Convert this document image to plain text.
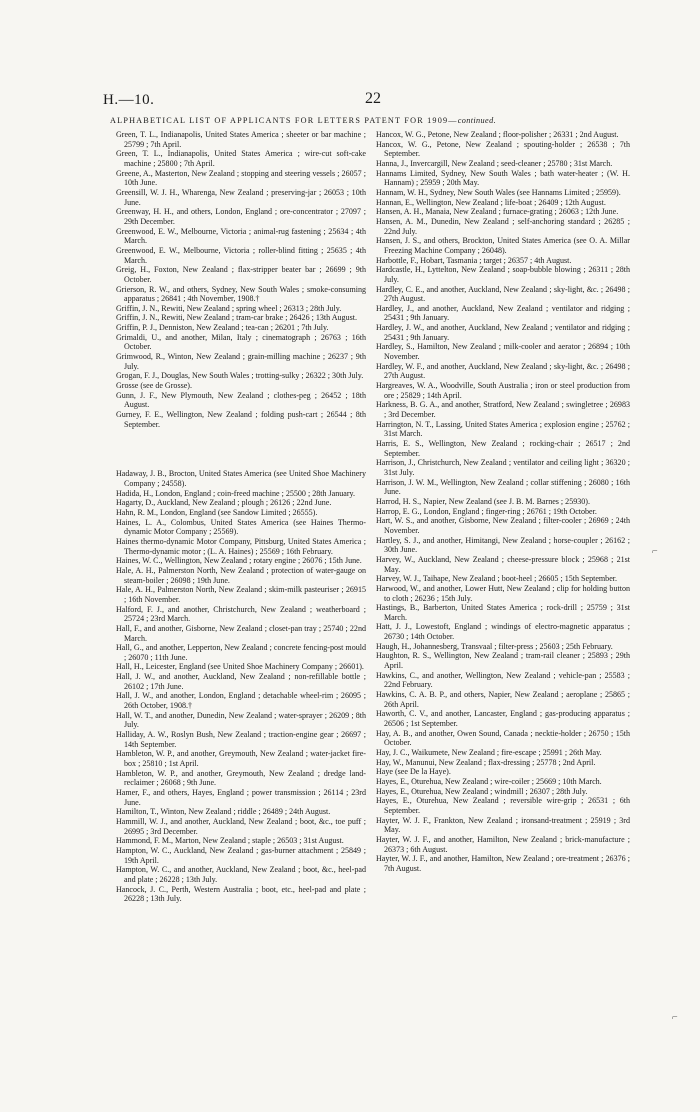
H.—10.	22
ALPHABETICAL LIST OF APPLICANTS FOR LETTERS PATENT FOR 1909—continued.

Green, T. L., Indianapolis, United States America ; sheeter or bar machine ; 25799 ; 7th April.

Green, T. L., Indianapolis, United States America ; wire-cut soft-cake machine ; 25800 ; 7th April.

Greene, A., Masterton, New Zealand ; stopping and steering vessels ; 26057 ; 10th June.

Greensill, W. J. H., Wharenga, New Zealand ; preserving-jar ; 26053 ; 10th June.

Greenway, H. H., and others, London, England ; ore-concentrator ; 27097 ; 29th December.

Greenwood, E. W., Melbourne, Victoria ; animal-rug fastening ; 25634 ; 4th March.

Greenwood, E. W., Melbourne, Victoria ; roller-blind fitting ; 25635 ; 4th March.

Greig, H., Foxton, New Zealand ; flax-stripper beater bar ; 26699 ; 9th October.

Grierson, R. W., and others, Sydney, New South Wales ; smoke-consuming apparatus ; 26841 ; 4th November, 1908.†

Griffin, J. N., Rewiti, New Zealand ; spring wheel ; 26313 ; 28th July.

Griffin, J. N., Rewiti, New Zealand ; tram-car brake ; 26426 ; 13th August.

Griffin, P. J., Denniston, New Zealand ; tea-can ; 26201 ; 7th July.

Grimaldi, U., and another, Milan, Italy ; cinematograph ; 26763 ; 16th October.

Grimwood, R., Winton, New Zealand ; grain-milling machine ; 26237 ; 9th July.

Grogan, F. J., Douglas, New South Wales ; trotting-sulky ; 26322 ; 30th July.

Grosse (see de Grosse).

Gunn, J. F., New Plymouth, New Zealand ; clothes-peg ; 26452 ; 18th August.

Gurney, F. E., Wellington, New Zealand ; folding push-cart ; 26544 ; 8th September.

Hadaway, J. B., Brocton, United States America (see United Shoe Machinery Company ; 24558).

Hadida, H., London, England ; coin-freed machine ; 25500 ; 28th January.

Hagarty, D., Auckland, New Zealand ; plough ; 26126 ; 22nd June.

Hahn, R. M., London, England (see Sandow Limited ; 26555).

Haines, L. A., Colombus, United States America (see Haines Thermo-dynamic Motor Company ; 25569).

Haines thermo-dynamic Motor Company, Pittsburg, United States America ; Thermo-dynamic motor ; (L. A. Haines) ; 25569 ; 16th February.

Haines, W. C., Wellington, New Zealand ; rotary engine ; 26076 ; 15th June.

Hale, A. H., Palmerston North, New Zealand ; protection of water-gauge on steam-boiler ; 26098 ; 19th June.

Hale, A. H., Palmerston North, New Zealand ; skim-milk pasteuriser ; 26915 ; 16th November.

Halford, F. J., and another, Christchurch, New Zealand ; weatherboard ; 25724 ; 23rd March.

Hall, F., and another, Gisborne, New Zealand ; closet-pan tray ; 25740 ; 22nd March.

Hall, G., and another, Lepperton, New Zealand ; concrete fencing-post mould ; 26070 ; 11th June.

Hall, H., Leicester, England (see United Shoe Machinery Company ; 26601).

Hall, J. W., and another, Auckland, New Zealand ; non-refillable bottle ; 26102 ; 17th June.

Hall, J. W., and another, London, England ; detachable wheel-rim ; 26095 ; 26th October, 1908.†

Hall, W. T., and another, Dunedin, New Zealand ; water-sprayer ; 26209 ; 8th July.

Halliday, A. W., Roslyn Bush, New Zealand ; traction-engine gear ; 26697 ; 14th September.

Hambleton, W. P., and another, Greymouth, New Zealand ; water-jacket fire-box ; 25810 ; 1st April.

Hambleton, W. P., and another, Greymouth, New Zealand ; dredge land-reclaimer ; 26068 ; 9th June.

Hamer, F., and others, Hayes, England ; power transmission ; 26114 ; 23rd June.

Hamilton, T., Winton, New Zealand ; riddle ; 26489 ; 24th August.

Hammill, W. J., and another, Auckland, New Zealand ; boot, &c., toe puff ; 26995 ; 3rd December.

Hammond, F. M., Marton, New Zealand ; staple ; 26503 ; 31st August.

Hampton, W. C., Auckland, New Zealand ; gas-burner attachment ; 25849 ; 19th April.

Hampton, W. C., and another, Auckland, New Zealand ; boot, &c., heel-pad and plate ; 26228 ; 13th July.

Hancock, J. C., Perth, Western Australia ; boot, etc., heel-pad and plate ; 26228 ; 13th July.

Hancox, W. G., Petone, New Zealand ; floor-polisher ; 26331 ; 2nd August.

Hancox, W. G., Petone, New Zealand ; spouting-holder ; 26538 ; 7th September.

Hanna, J., Invercargill, New Zealand ; seed-cleaner ; 25780 ; 31st March.

Hannams Limited, Sydney, New South Wales ; bath water-heater ; (W. H. Hannam) ; 25959 ; 20th May.

Hannam, W. H., Sydney, New South Wales (see Hannams Limited ; 25959).

Hannan, E., Wellington, New Zealand ; life-boat ; 26409 ; 12th August.

Hansen, A. H., Manaia, New Zealand ; furnace-grating ; 26063 ; 12th June.

Hansen, A. M., Dunedin, New Zealand ; self-anchoring standard ; 26285 ; 22nd July.

Hansen, J. S., and others, Brockton, United States America (see O. A. Millar Freezing Machine Company ; 26048).

Harbottle, F., Hobart, Tasmania ; target ; 26357 ; 4th August.

Hardcastle, H., Lyttelton, New Zealand ; soap-bubble blowing ; 26311 ; 28th July.

Hardley, C. E., and another, Auckland, New Zealand ; sky-light, &c. ; 26498 ; 27th August.

Hardley, J., and another, Auckland, New Zealand ; ventilator and ridging ; 25431 ; 9th January.

Hardley, J. W., and another, Auckland, New Zealand ; ventilator and ridging ; 25431 ; 9th January.

Hardley, S., Hamilton, New Zealand ; milk-cooler and aerator ; 26894 ; 10th November.

Hardley, W. F., and another, Auckland, New Zealand ; sky-light, &c. ; 26498 ; 27th August.

Hargreaves, W. A., Woodville, South Australia ; iron or steel production from ore ; 25829 ; 14th April.

Harkness, B. G. A., and another, Stratford, New Zealand ; swingletree ; 26983 ; 3rd December.

Harrington, N. T., Lassing, United States America ; explosion engine ; 25762 ; 31st March.

Harris, E. S., Wellington, New Zealand ; rocking-chair ; 26517 ; 2nd September.

Harrison, J., Christchurch, New Zealand ; ventilator and ceiling light ; 36320 ; 31st July.

Harrison, J. W. M., Wellington, New Zealand ; collar stiffening ; 26080 ; 16th June.

Harrod, H. S., Napier, New Zealand (see J. B. M. Barnes ; 25930).

Harrop, E. G., London, England ; finger-ring ; 26761 ; 19th October.

Hart, W. S., and another, Gisborne, New Zealand ; filter-cooler ; 26969 ; 24th November.

Hartley, S. J., and another, Himitangi, New Zealand ; horse-coupler ; 26162 ; 30th June.

Harvey, W., Auckland, New Zealand ; cheese-pressure block ; 25968 ; 21st May.

Harvey, W. J., Taihape, New Zealand ; boot-heel ; 26605 ; 15th September.

Harwood, W., and another, Lower Hutt, New Zealand ; clip for holding button to cloth ; 26236 ; 15th July.

Hastings, B., Barberton, United States America ; rock-drill ; 25759 ; 31st March.

Hatt, J. J., Lowestoft, England ; windings of electro-magnetic apparatus ; 26730 ; 14th October.

Haugh, H., Johannesberg, Transvaal ; filter-press ; 25603 ; 25th February.

Haughton, R. S., Wellington, New Zealand ; tram-rail cleaner ; 25893 ; 29th April.

Hawkins, C., and another, Wellington, New Zealand ; vehicle-pan ; 25583 ; 22nd February.

Hawkins, C. A. B. P., and others, Napier, New Zealand ; aeroplane ; 25865 ; 26th April.

Haworth, C. V., and another, Lancaster, England ; gas-producing apparatus ; 26506 ; 1st September.

Hay, A. B., and another, Owen Sound, Canada ; necktie-holder ; 26750 ; 15th October.

Hay, J. C., Waikumete, New Zealand ; fire-escape ; 25991 ; 26th May.

Hay, W., Manunui, New Zealand ; flax-dressing ; 25778 ; 2nd April.

Haye (see De la Haye).

Hayes, E., Oturehua, New Zealand ; wire-coiler ; 25669 ; 10th March.

Hayes, E., Oturehua, New Zealand ; windmill ; 26307 ; 28th July.

Hayes, E., Oturehua, New Zealand ; reversible wire-grip ; 26531 ; 6th September.

Hayter, W. J. F., Frankton, New Zealand ; ironsand-treatment ; 25919 ; 3rd May.

Hayter, W. J. F., and another, Hamilton, New Zealand ; brick-manufacture ; 26373 ; 6th August.

Hayter, W. J. F., and another, Hamilton, New Zealand ; ore-treatment ; 26376 ; 7th August.

⌐
⌐
